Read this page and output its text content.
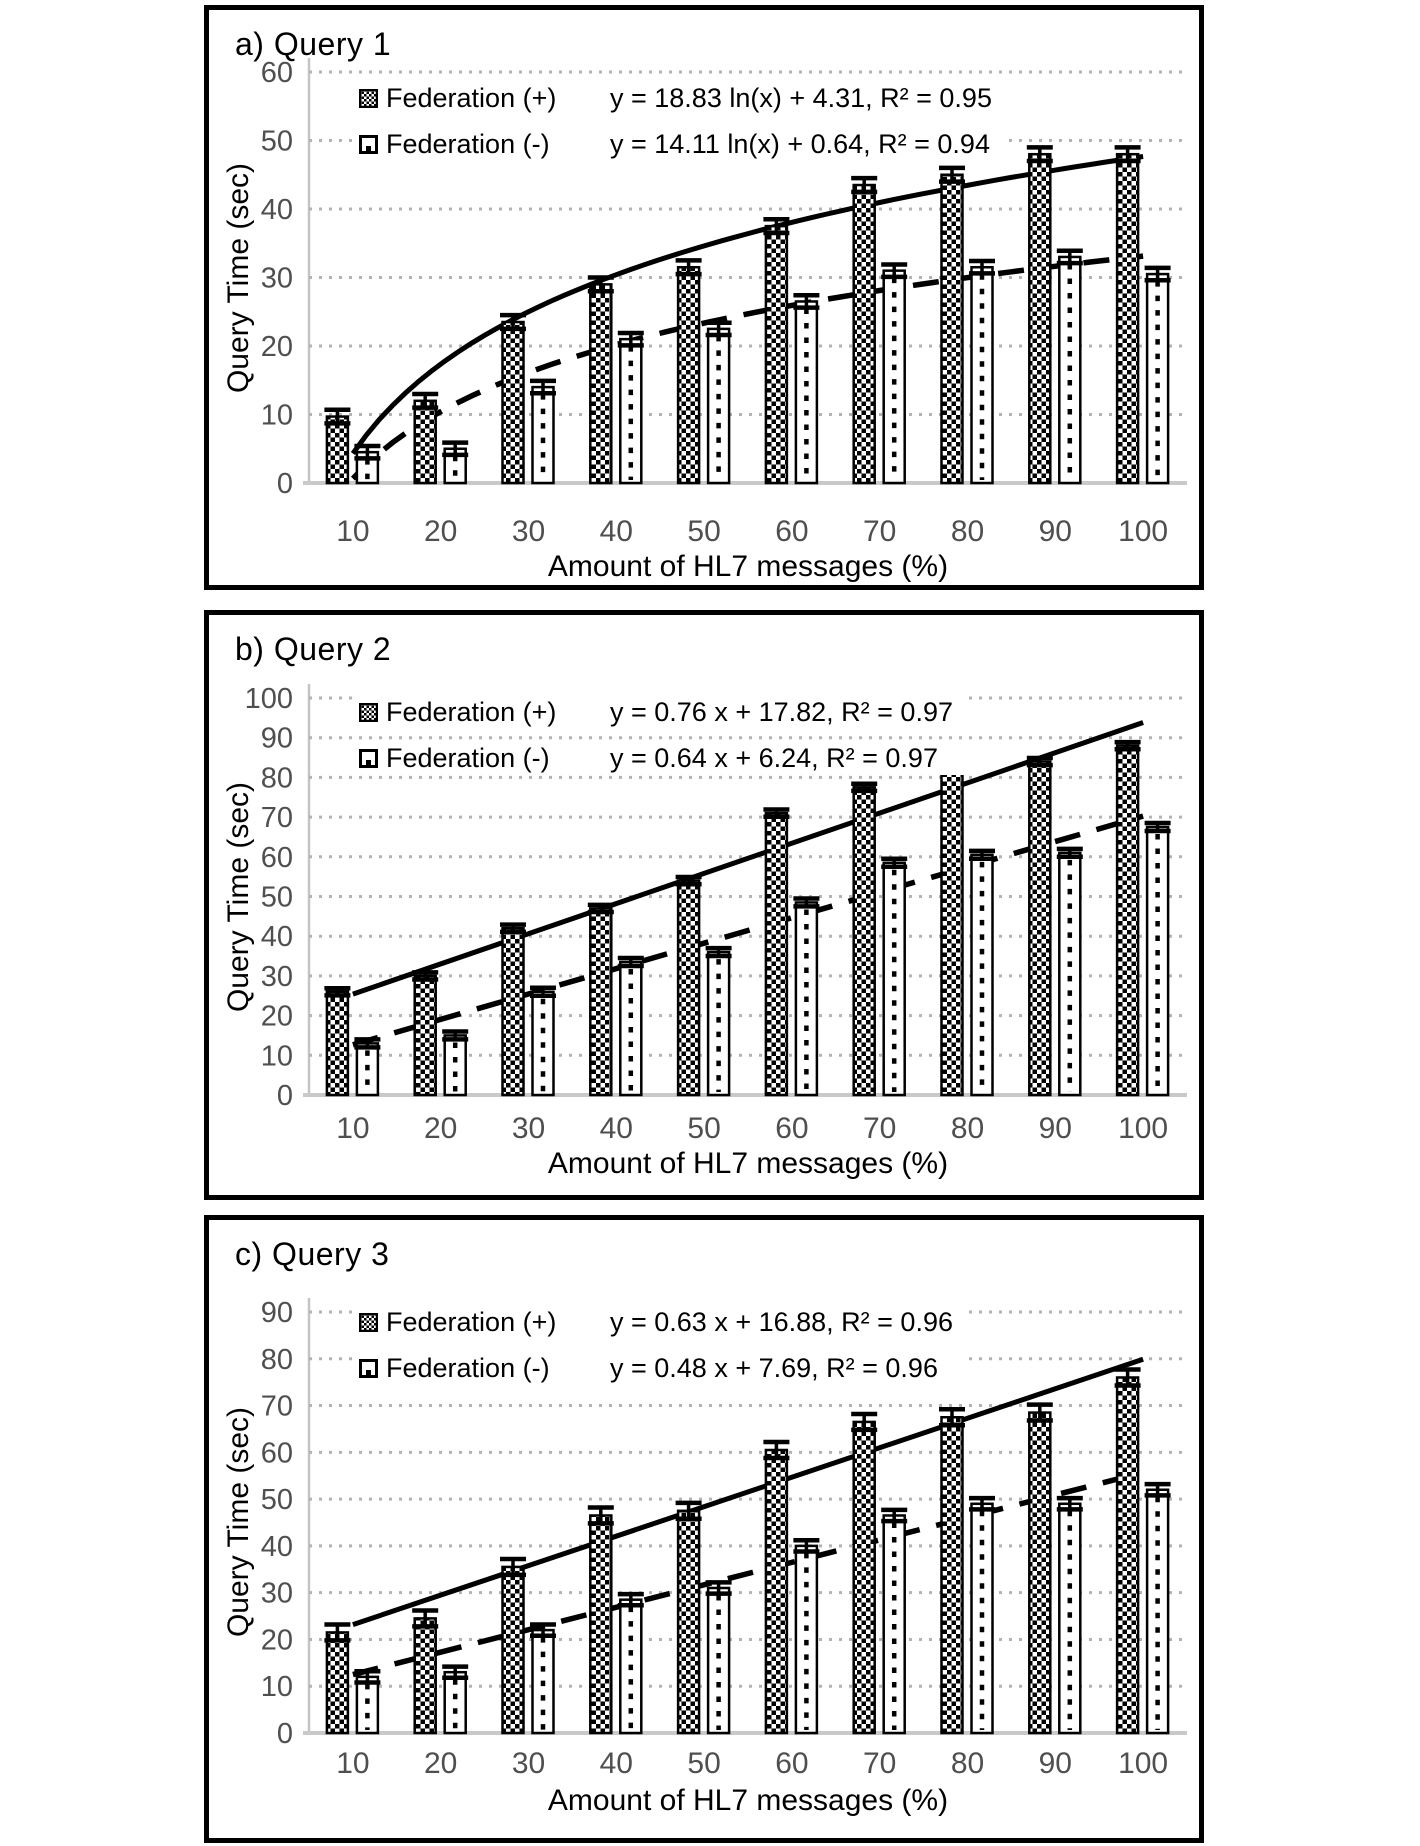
a) Query 1
Query Time (sec)
0
10
20
30
40
50
60
10 20 30 40 50 60 70 80 90 100
Federation (+)	y = 18.83 ln(x) + 4.31, R² = 0.95
Federation (-)	y = 14.11 ln(x) + 0.64, R² = 0.94
Amount of HL7 messages (%)
b) Query 2
Query Time (sec)
0
10
20
30
40
50
60
70
80
90
100
10 20 30 40 50 60 70 80 90 100
Federation (+)	y = 0.76 x + 17.82, R² = 0.97
Federation (-)	y = 0.64 x + 6.24, R² = 0.97
Amount of HL7 messages (%)
c) Query 3
Query Time (sec)
0
10
20
30
40
50
60
70
80
90
10 20 30 40 50 60 70 80 90 100
Federation (+)	y = 0.63 x + 16.88, R² = 0.96
Federation (-)	y = 0.48 x + 7.69, R² = 0.96
Amount of HL7 messages (%)
